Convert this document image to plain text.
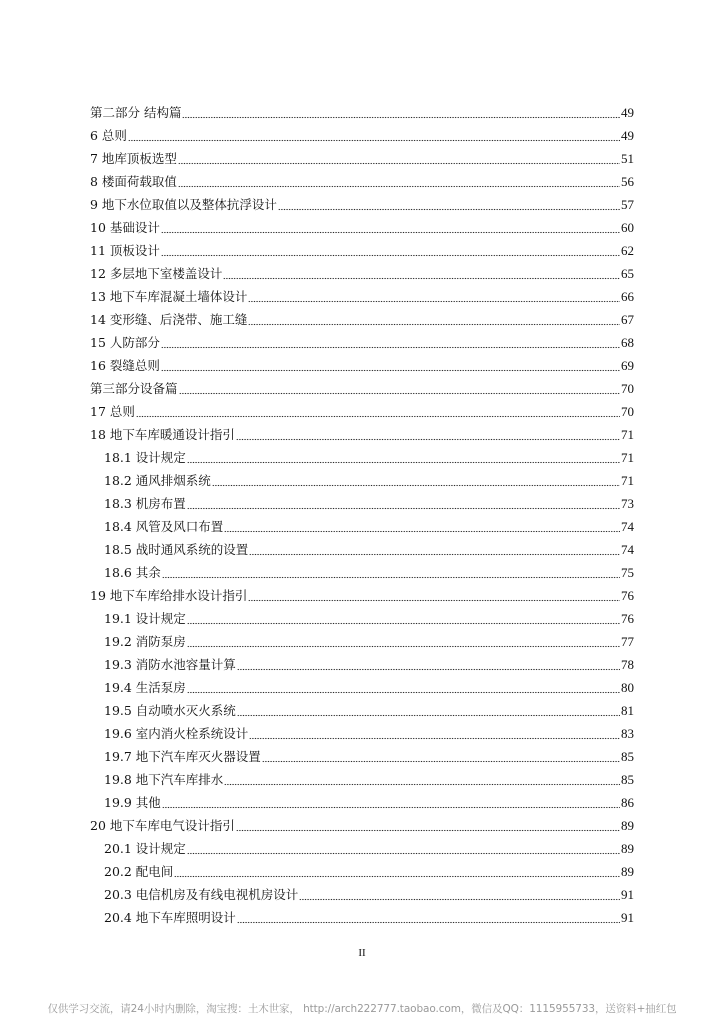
第二部分 结构篇	49
6 总则	49
7 地库顶板选型	51
8 楼面荷载取值	56
9 地下水位取值以及整体抗浮设计	57
10 基础设计	60
11 顶板设计	62
12 多层地下室楼盖设计	65
13 地下车库混凝土墙体设计	66
14 变形缝、后浇带、施工缝	67
15 人防部分	68
16 裂缝总则	69
第三部分设备篇	70
17 总则	70
18 地下车库暖通设计指引	71
18.1 设计规定	71
18.2 通风排烟系统	71
18.3 机房布置	73
18.4 风管及风口布置	74
18.5 战时通风系统的设置	74
18.6 其余	75
19 地下车库给排水设计指引	76
19.1 设计规定	76
19.2 消防泵房	77
19.3 消防水池容量计算	78
19.4 生活泵房	80
19.5 自动喷水灭火系统	81
19.6 室内消火栓系统设计	83
19.7 地下汽车库灭火器设置	85
19.8 地下汽车库排水	85
19.9 其他	86
20 地下车库电气设计指引	89
20.1 设计规定	89
20.2 配电间	89
20.3 电信机房及有线电视机房设计	91
20.4 地下车库照明设计	91
II
仅供学习交流，请24小时内删除，淘宝搜：土木世家， http://arch222777.taobao.com，微信及QQ：1115955733，送资料+抽红包
